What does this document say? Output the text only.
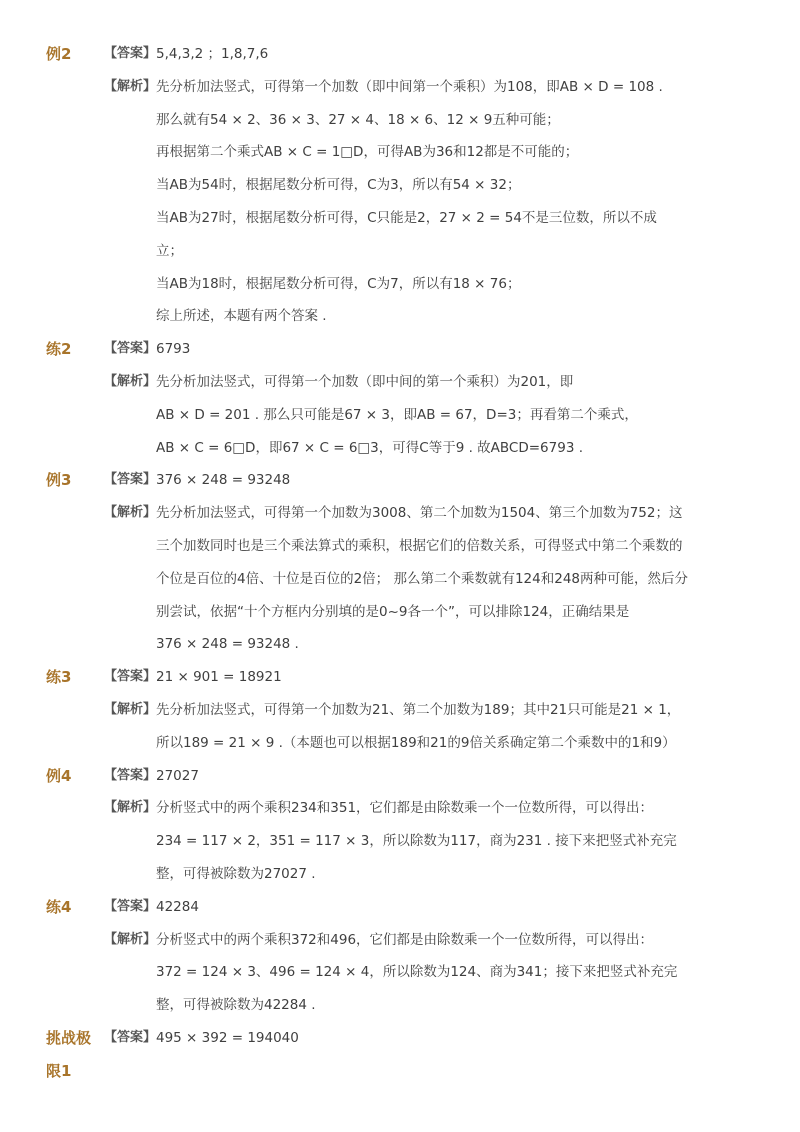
例2	【答案】 5,4,3,2 ；1,8,7,6
【解析】 先分析加法竖式，可得第一个加数（即中间第一个乘积）为108，即AB × D = 108 .
那么就有54 × 2、36 × 3、27 × 4、18 × 6、12 × 9五种可能；
再根据第二个乘式AB × C = 1□D，可得AB为36和12都是不可能的；
当AB为54时，根据尾数分析可得，C为3，所以有54 × 32；
当AB为27时，根据尾数分析可得，C只能是2，27 × 2 = 54不是三位数，所以不成
立；
当AB为18时，根据尾数分析可得，C为7，所以有18 × 76；
综上所述，本题有两个答案 .
练2	【答案】 6793
【解析】 先分析加法竖式，可得第一个加数（即中间的第一个乘积）为201，即
AB × D = 201 . 那么只可能是67 × 3，即AB = 67，D=3；再看第二个乘式，
AB × C = 6□D，即67 × C = 6□3，可得C等于9 . 故ABCD=6793 .
例3	【答案】 376 × 248 = 93248
【解析】 先分析加法竖式，可得第一个加数为3008、第二个加数为1504、第三个加数为752；这
三个加数同时也是三个乘法算式的乘积，根据它们的倍数关系，可得竖式中第二个乘数的
个位是百位的4倍、十位是百位的2倍； 那么第二个乘数就有124和248两种可能，然后分
别尝试，依据“十个方框内分别填的是0~9各一个”，可以排除124，正确结果是
376 × 248 = 93248 .
练3	【答案】 21 × 901 = 18921
【解析】 先分析加法竖式，可得第一个加数为21、第二个加数为189；其中21只可能是21 × 1，
所以189 = 21 × 9 .（本题也可以根据189和21的9倍关系确定第二个乘数中的1和9）
例4	【答案】 27027
【解析】 分析竖式中的两个乘积234和351，它们都是由除数乘一个一位数所得，可以得出：
234 = 117 × 2，351 = 117 × 3，所以除数为117，商为231 . 接下来把竖式补充完
整，可得被除数为27027 .
练4	【答案】 42284
【解析】 分析竖式中的两个乘积372和496，它们都是由除数乘一个一位数所得，可以得出：
372 = 124 × 3、496 = 124 × 4，所以除数为124、商为341；接下来把竖式补充完
整，可得被除数为42284 .
挑战极 【答案】 495 × 392 = 194040
限1
